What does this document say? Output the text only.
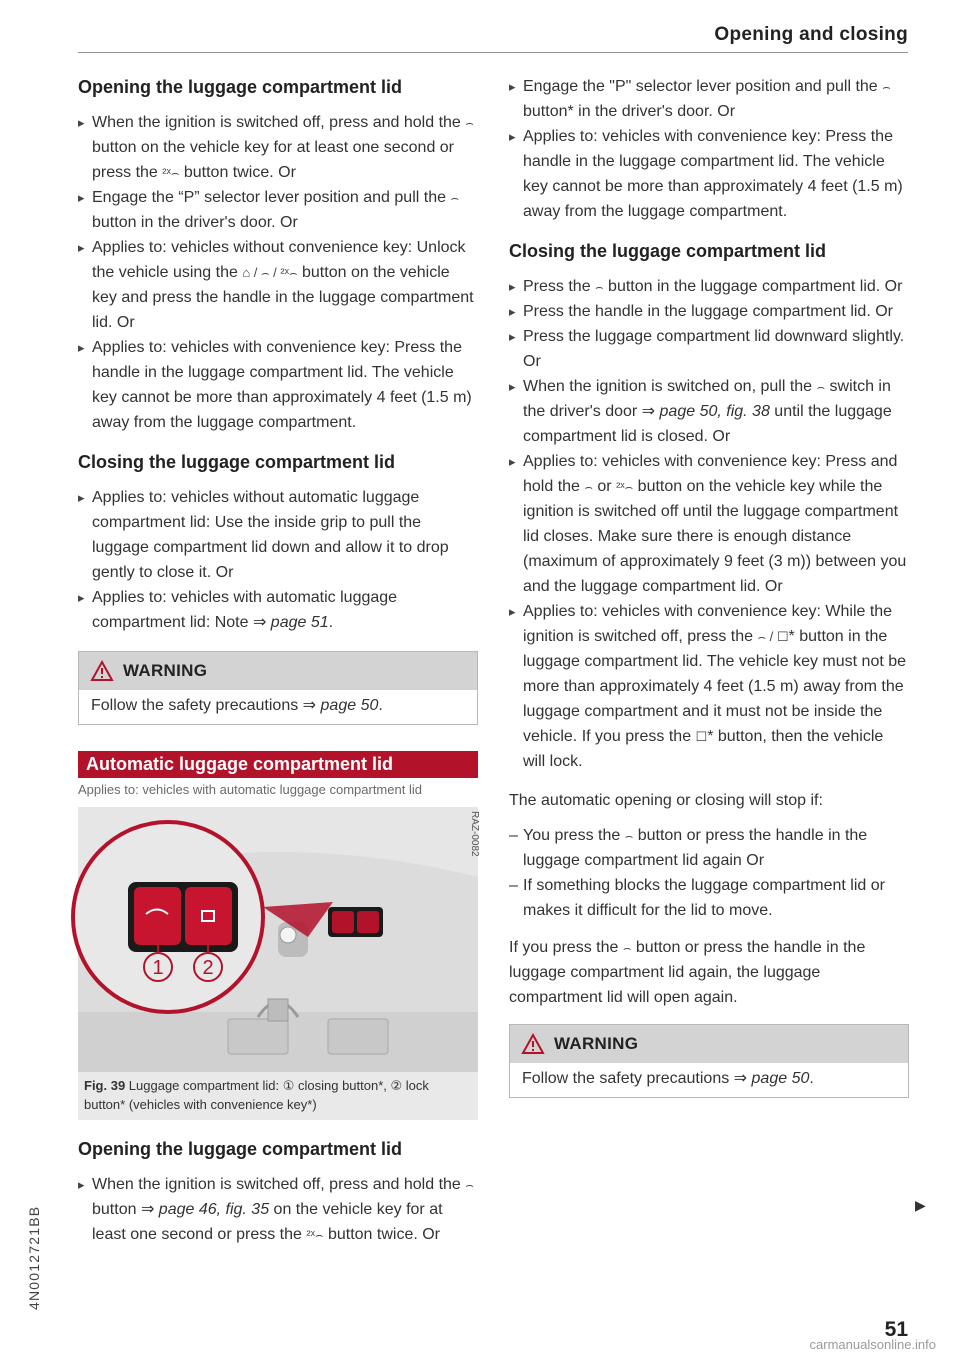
Opening and closing
Opening the luggage compartment lid
▸ When the ignition is switched off, press and hold the ⌢ button on the vehicle key for at least one second or press the ²ˣ⌢ button twice. Or
▸ Engage the “P” selector lever position and pull the ⌢ button in the driver's door. Or
▸ Applies to: vehicles without convenience key: Unlock the vehicle using the ⌂ / ⌢ / ²ˣ⌢ button on the vehicle key and press the handle in the luggage compartment lid. Or
▸ Applies to: vehicles with convenience key: Press the handle in the luggage compartment lid. The vehicle key cannot be more than approximately 4 feet (1.5 m) away from the luggage compartment.
Closing the luggage compartment lid
▸ Applies to: vehicles without automatic luggage compartment lid: Use the inside grip to pull the luggage compartment lid down and allow it to drop gently to close it. Or
▸ Applies to: vehicles with automatic luggage compartment lid: Note ⇒ page 51.
WARNING
Follow the safety precautions ⇒ page 50.
Automatic luggage compartment lid
Applies to: vehicles with automatic luggage compartment lid
1 2
RAZ-0082
Fig. 39 Luggage compartment lid: ① closing button*, ② lock button* (vehicles with convenience key*)
Opening the luggage compartment lid
▸ When the ignition is switched off, press and hold the ⌢ button ⇒ page 46, fig. 35 on the vehicle key for at least one second or press the ²ˣ⌢ button twice. Or
▸ Engage the "P" selector lever position and pull the ⌢ button* in the driver's door. Or
▸ Applies to: vehicles with convenience key: Press the handle in the luggage compartment lid. The vehicle key cannot be more than approximately 4 feet (1.5 m) away from the luggage compartment.
Closing the luggage compartment lid
▸ Press the ⌢ button in the luggage compartment lid. Or
▸ Press the handle in the luggage compartment lid. Or
▸ Press the luggage compartment lid downward slightly. Or
▸ When the ignition is switched on, pull the ⌢ switch in the driver's door ⇒ page 50, fig. 38 until the luggage compartment lid is closed. Or
▸ Applies to: vehicles with convenience key: Press and hold the ⌢ or ²ˣ⌢ button on the vehicle key while the ignition is switched off until the luggage compartment lid closes. Make sure there is enough distance (maximum of approximately 9 feet (3 m)) between you and the luggage compartment lid. Or
▸ Applies to: vehicles with convenience key: While the ignition is switched off, press the ⌢ / ☐* button in the luggage compartment lid. The vehicle key must not be more than approximately 4 feet (1.5 m) away from the luggage compartment and it must not be inside the vehicle. If you press the ☐* button, then the vehicle will lock.

The automatic opening or closing will stop if:

– You press the ⌢ button or press the handle in the luggage compartment lid again Or
– If something blocks the luggage compartment lid or makes it difficult for the lid to move.

If you press the ⌢ button or press the handle in the luggage compartment lid again, the luggage compartment lid will open again.

WARNING
Follow the safety precautions ⇒ page 50.
▶
4N0012721BB
51
carmanualsonline.info
